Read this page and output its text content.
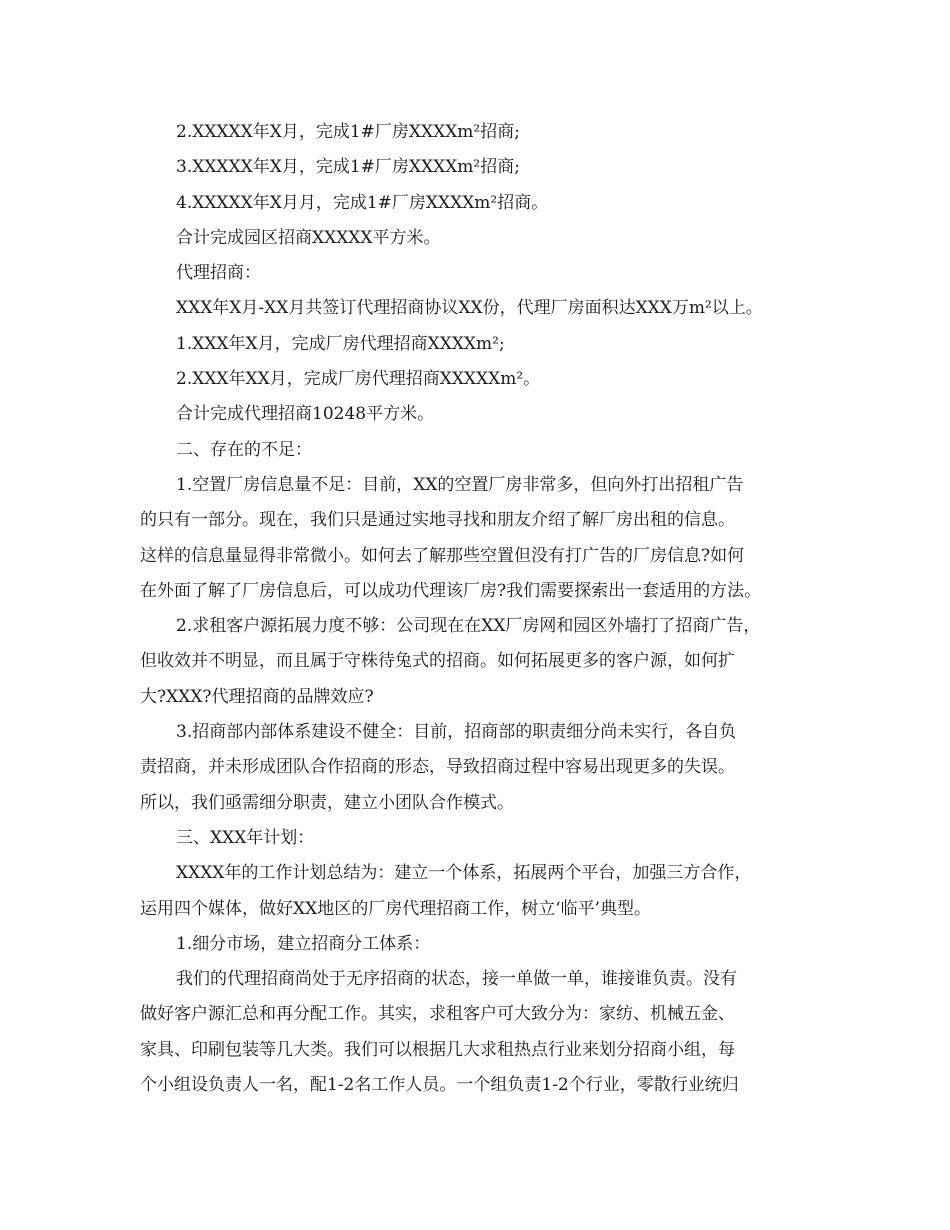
2.XXXXX年X月，完成1#厂房XXXXm²招商;

3.XXXXX年X月，完成1#厂房XXXXm²招商;

4.XXXXX年X月月，完成1#厂房XXXXm²招商。

合计完成园区招商XXXXX平方米。

代理招商：

XXX年X月-XX月共签订代理招商协议XX份，代理厂房面积达XXX万m²以上。

1.XXX年X月，完成厂房代理招商XXXXm²;

2.XXX年XX月，完成厂房代理招商XXXXXm²。

合计完成代理招商10248平方米。

二、存在的不足：

1.空置厂房信息量不足：目前，XX的空置厂房非常多，但向外打出招租广告

的只有一部分。现在，我们只是通过实地寻找和朋友介绍了解厂房出租的信息。

这样的信息量显得非常微小。如何去了解那些空置但没有打广告的厂房信息?如何

在外面了解了厂房信息后，可以成功代理该厂房?我们需要探索出一套适用的方法。

2.求租客户源拓展力度不够：公司现在在XX厂房网和园区外墙打了招商广告，

但收效并不明显，而且属于守株待兔式的招商。如何拓展更多的客户源，如何扩

大?XXX?代理招商的品牌效应?

3.招商部内部体系建设不健全：目前，招商部的职责细分尚未实行，各自负

责招商，并未形成团队合作招商的形态，导致招商过程中容易出现更多的失误。

所以，我们亟需细分职责，建立小团队合作模式。

三、XXX年计划：

XXXX年的工作计划总结为：建立一个体系，拓展两个平台，加强三方合作，

运用四个媒体，做好XX地区的厂房代理招商工作，树立‘临平’典型。

1.细分市场，建立招商分工体系：

我们的代理招商尚处于无序招商的状态，接一单做一单，谁接谁负责。没有

做好客户源汇总和再分配工作。其实，求租客户可大致分为：家纺、机械五金、

家具、印刷包装等几大类。我们可以根据几大求租热点行业来划分招商小组，每

个小组设负责人一名，配1-2名工作人员。一个组负责1-2个行业，零散行业统归
